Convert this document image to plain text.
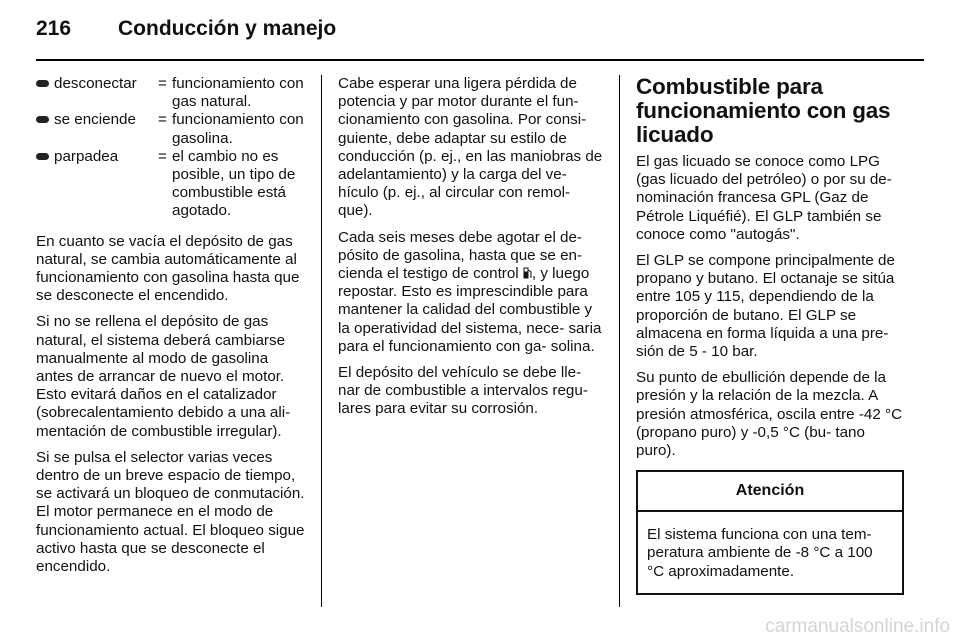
216	Conducción y manejo
desconectar	= funcionamiento con gas natural.
se enciende	= funcionamiento con gasolina.
parpadea	= el cambio no es posible, un tipo de combustible está agotado.

En cuanto se vacía el depósito de gas natural, se cambia automáticamente al funcionamiento con gasolina hasta que se desconecte el encendido.

Si no se rellena el depósito de gas natural, el sistema deberá cambiarse manualmente al modo de gasolina antes de arrancar de nuevo el motor. Esto evitará daños en el catalizador (sobrecalentamiento debido a una ali- mentación de combustible irregular).

Si se pulsa el selector varias veces dentro de un breve espacio de tiempo, se activará un bloqueo de conmutación. El motor permanece en el modo de funcionamiento actual. El bloqueo sigue activo hasta que se desconecte el encendido.

Cabe esperar una ligera pérdida de potencia y par motor durante el fun- cionamiento con gasolina. Por consi- guiente, debe adaptar su estilo de conducción (p. ej., en las maniobras de adelantamiento) y la carga del ve- hículo (p. ej., al circular con remol- que).

Cada seis meses debe agotar el de- pósito de gasolina, hasta que se en- cienda el testigo de control , y luego repostar. Esto es imprescindible para mantener la calidad del combustible y la operatividad del sistema, nece- saria para el funcionamiento con ga- solina.

El depósito del vehículo se debe lle- nar de combustible a intervalos regu- lares para evitar su corrosión.

Combustible para funcionamiento con gas licuado

El gas licuado se conoce como LPG (gas licuado del petróleo) o por su de- nominación francesa GPL (Gaz de Pétrole Liquéfié). El GLP también se conoce como "autogás".

El GLP se compone principalmente de propano y butano. El octanaje se sitúa entre 105 y 115, dependiendo de la proporción de butano. El GLP se almacena en forma líquida a una pre- sión de 5 - 10 bar.

Su punto de ebullición depende de la presión y la relación de la mezcla. A presión atmosférica, oscila entre -42 °C (propano puro) y -0,5 °C (bu- tano puro).

Atención

El sistema funciona con una tem- peratura ambiente de -8 °C a 100 °C aproximadamente.

carmanualsonline.info
